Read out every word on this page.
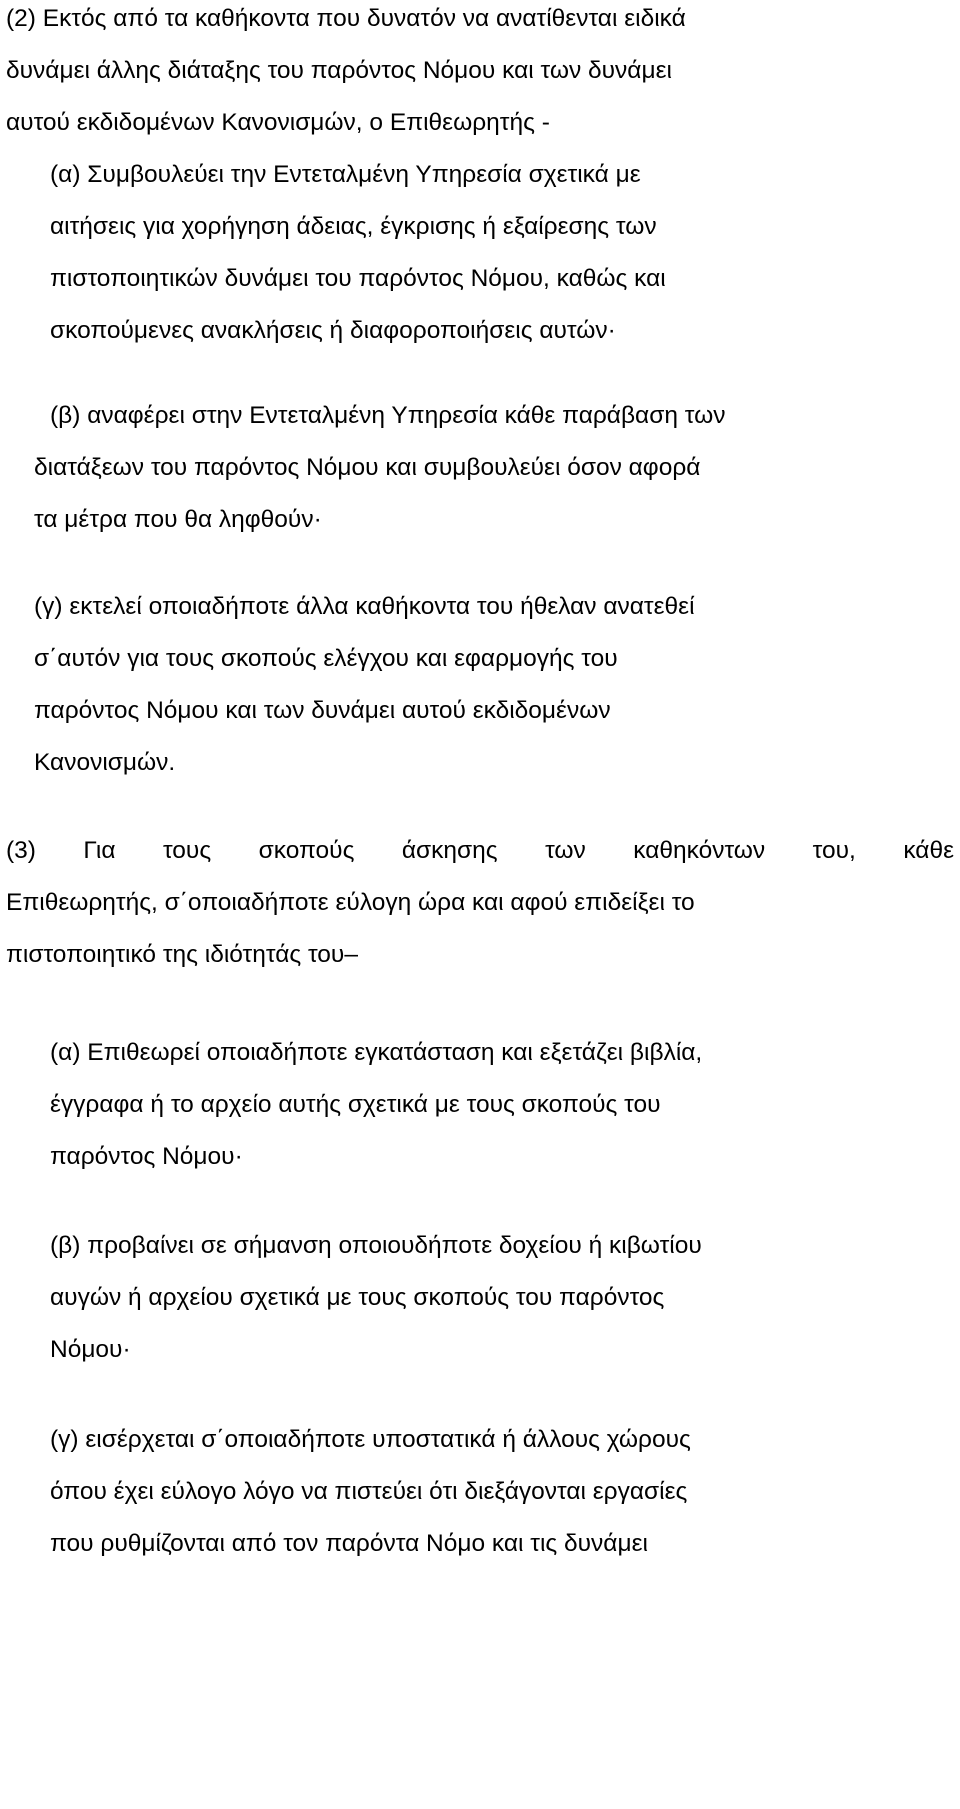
(2) Εκτός από τα καθήκοντα που δυνατόν να ανατίθενται ειδικά

δυνάμει άλλης διάταξης του παρόντος Νόμου και των δυνάμει

αυτού εκδιδομένων Κανονισμών, ο Επιθεωρητής -

(α) Συμβουλεύει την Εντεταλμένη Υπηρεσία σχετικά με

αιτήσεις για χορήγηση άδειας, έγκρισης ή εξαίρεσης των

πιστοποιητικών δυνάμει του παρόντος Νόμου, καθώς και

σκοπούμενες ανακλήσεις ή διαφοροποιήσεις αυτών·

(β) αναφέρει στην Εντεταλμένη Υπηρεσία κάθε παράβαση των

διατάξεων του παρόντος Νόμου και συμβουλεύει όσον αφορά

τα μέτρα που θα ληφθούν·

(γ) εκτελεί οποιαδήποτε άλλα καθήκοντα του ήθελαν ανατεθεί

σ΄αυτόν για τους σκοπούς ελέγχου και εφαρμογής του

παρόντος Νόμου και των δυνάμει αυτού εκδιδομένων

Κανονισμών.

(3) Για τους σκοπούς άσκησης των καθηκόντων του, κάθε

Επιθεωρητής, σ΄οποιαδήποτε εύλογη ώρα και αφού επιδείξει το

πιστοποιητικό της ιδιότητάς του–

(α) Επιθεωρεί οποιαδήποτε εγκατάσταση και εξετάζει βιβλία,

έγγραφα ή το αρχείο αυτής σχετικά με τους σκοπούς του

παρόντος Νόμου·

(β) προβαίνει σε σήμανση οποιουδήποτε δοχείου ή κιβωτίου

αυγών ή αρχείου σχετικά με τους σκοπούς του παρόντος

Νόμου·

(γ) εισέρχεται σ΄οποιαδήποτε υποστατικά ή άλλους χώρους

όπου έχει εύλογο λόγο να πιστεύει ότι διεξάγονται εργασίες

που ρυθμίζονται από τον παρόντα Νόμο και τις δυνάμει
